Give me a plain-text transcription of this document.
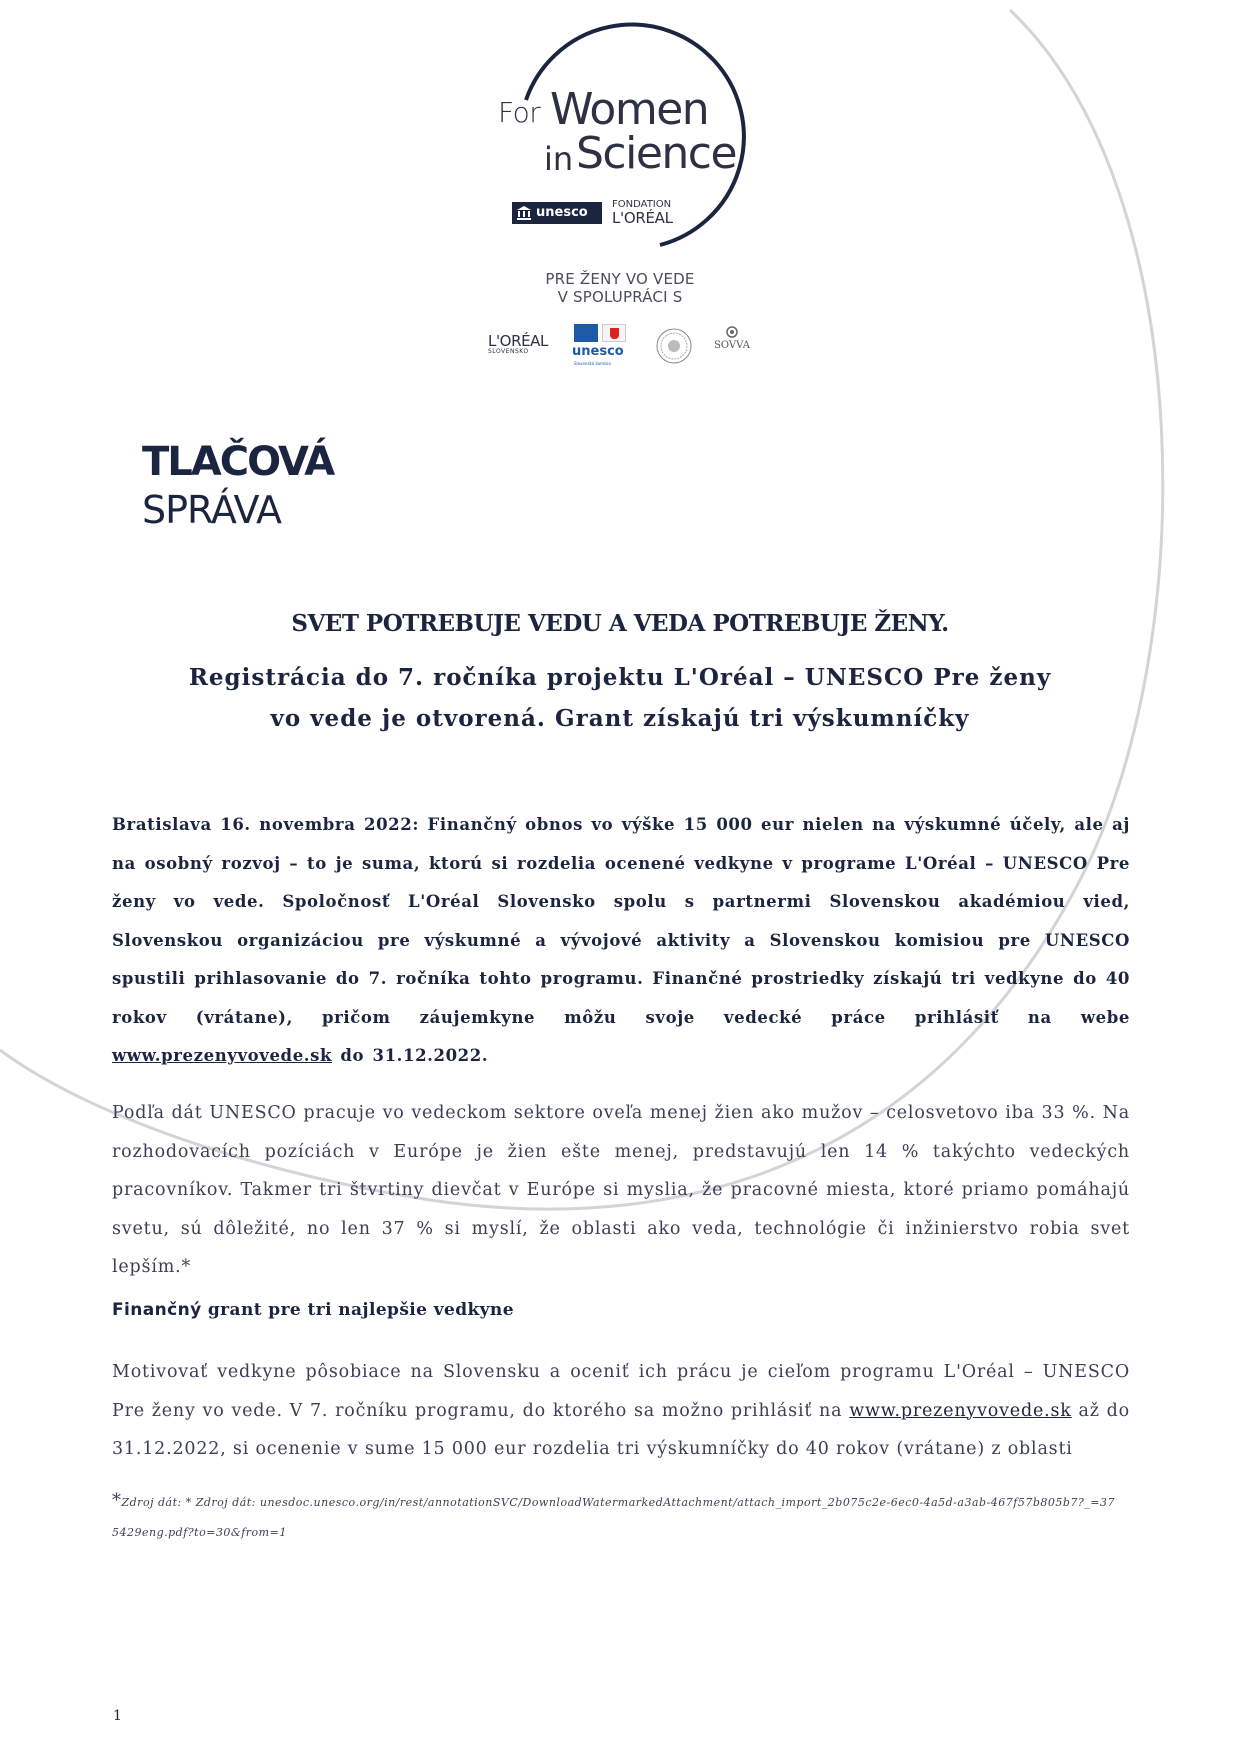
For Women
in Science
unesco
FONDATION
L'ORÉAL
PRE ŽENY VO VEDE
V SPOLUPRÁCI S
L'ORÉAL
SLOVENSKO	unesco
Slovenská komisia
SOVVA
TLAČOVÁ
SPRÁVA
SVET POTREBUJE VEDU A VEDA POTREBUJE ŽENY.
Registrácia do 7. ročníka projektu L'Oréal – UNESCO Pre ženy
vo vede je otvorená. Grant získajú tri výskumníčky
Bratislava 16. novembra 2022: Finančný obnos vo výške 15 000 eur nielen na výskumné účely, ale aj na osobný rozvoj – to je suma, ktorú si rozdelia ocenené vedkyne v programe L'Oréal – UNESCO Pre ženy vo vede. Spoločnosť L'Oréal Slovensko spolu s partnermi Slovenskou akadémiou vied, Slovenskou organizáciou pre výskumné a vývojové aktivity a Slovenskou komisiou pre UNESCO spustili prihlasovanie do 7. ročníka tohto programu. Finančné prostriedky získajú tri vedkyne do 40 rokov (vrátane), pričom záujemkyne môžu svoje vedecké práce prihlásiť na webe www.prezenyvovede.sk do 31.12.2022.
Podľa dát UNESCO pracuje vo vedeckom sektore oveľa menej žien ako mužov – celosvetovo iba 33 %. Na rozhodovacích pozíciách v Európe je žien ešte menej, predstavujú len 14 % takýchto vedeckých pracovníkov. Takmer tri štvrtiny dievčat v Európe si myslia, že pracovné miesta, ktoré priamo pomáhajú svetu, sú dôležité, no len 37 % si myslí, že oblasti ako veda, technológie či inžinierstvo robia svet lepším.*
Finančný grant pre tri najlepšie vedkyne
Motivovať vedkyne pôsobiace na Slovensku a oceniť ich prácu je cieľom programu L'Oréal – UNESCO Pre ženy vo vede. V 7. ročníku programu, do ktorého sa možno prihlásiť na www.prezenyvovede.sk až do 31.12.2022, si ocenenie v sume 15 000 eur rozdelia tri výskumníčky do 40 rokov (vrátane) z oblasti
*Zdroj dát: * Zdroj dát: unesdoc.unesco.org/in/rest/annotationSVC/DownloadWatermarkedAttachment/attach_import_2b075c2e-6ec0-4a5d-a3ab-467f57b805b7?_=375429eng.pdf?to=30&from=1
1
